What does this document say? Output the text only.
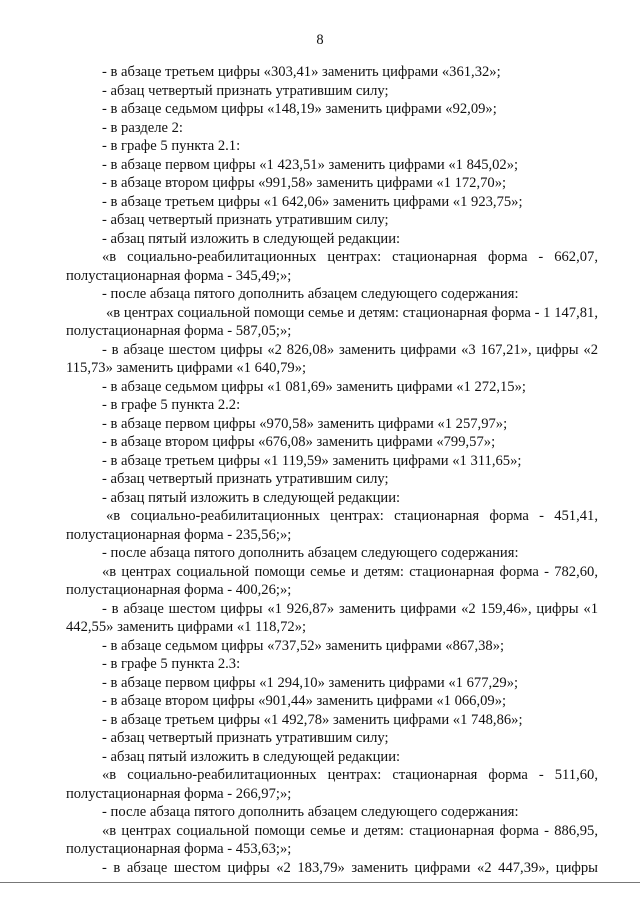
8

- в абзаце третьем цифры «303,41» заменить цифрами «361,32»;

- абзац четвертый признать утратившим силу;

- в абзаце седьмом цифры «148,19» заменить цифрами «92,09»;

- в разделе 2:

- в графе 5 пункта 2.1:

- в абзаце первом цифры «1 423,51» заменить цифрами «1 845,02»;

- в абзаце втором цифры «991,58» заменить цифрами «1 172,70»;

- в абзаце третьем цифры «1 642,06» заменить цифрами «1 923,75»;

- абзац четвертый признать утратившим силу;

- абзац пятый изложить в следующей редакции:

«в социально-реабилитационных центрах: стационарная форма - 662,07, полустационарная форма - 345,49;»;

- после абзаца пятого дополнить абзацем следующего содержания:

«в центрах социальной помощи семье и детям: стационарная форма - 1 147,81, полустационарная форма - 587,05;»;

- в абзаце шестом цифры «2 826,08» заменить цифрами «3 167,21», цифры «2 115,73» заменить цифрами «1 640,79»;

- в абзаце седьмом цифры «1 081,69» заменить цифрами «1 272,15»;

- в графе 5 пункта 2.2:

- в абзаце первом цифры «970,58» заменить цифрами «1 257,97»;

- в абзаце втором цифры «676,08» заменить цифрами «799,57»;

- в абзаце третьем цифры «1 119,59» заменить цифрами «1 311,65»;

- абзац четвертый признать утратившим силу;

- абзац пятый изложить в следующей редакции:

«в социально-реабилитационных центрах: стационарная форма - 451,41, полустационарная форма - 235,56;»;

- после абзаца пятого дополнить абзацем следующего содержания:

«в центрах социальной помощи семье и детям: стационарная форма - 782,60, полустационарная форма - 400,26;»;

- в абзаце шестом цифры «1 926,87» заменить цифрами «2 159,46», цифры «1 442,55» заменить цифрами «1 118,72»;

- в абзаце седьмом цифры «737,52» заменить цифрами «867,38»;

- в графе 5 пункта 2.3:

- в абзаце первом цифры «1 294,10» заменить цифрами «1 677,29»;

- в абзаце втором цифры «901,44» заменить цифрами «1 066,09»;

- в абзаце третьем цифры «1 492,78» заменить цифрами «1 748,86»;

- абзац четвертый признать утратившим силу;

- абзац пятый изложить в следующей редакции:

«в социально-реабилитационных центрах: стационарная форма - 511,60, полустационарная форма - 266,97;»;

- после абзаца пятого дополнить абзацем следующего содержания:

«в центрах социальной помощи семье и детям: стационарная форма - 886,95, полустационарная форма - 453,63;»;

- в абзаце шестом цифры «2 183,79» заменить цифрами «2 447,39», цифры
